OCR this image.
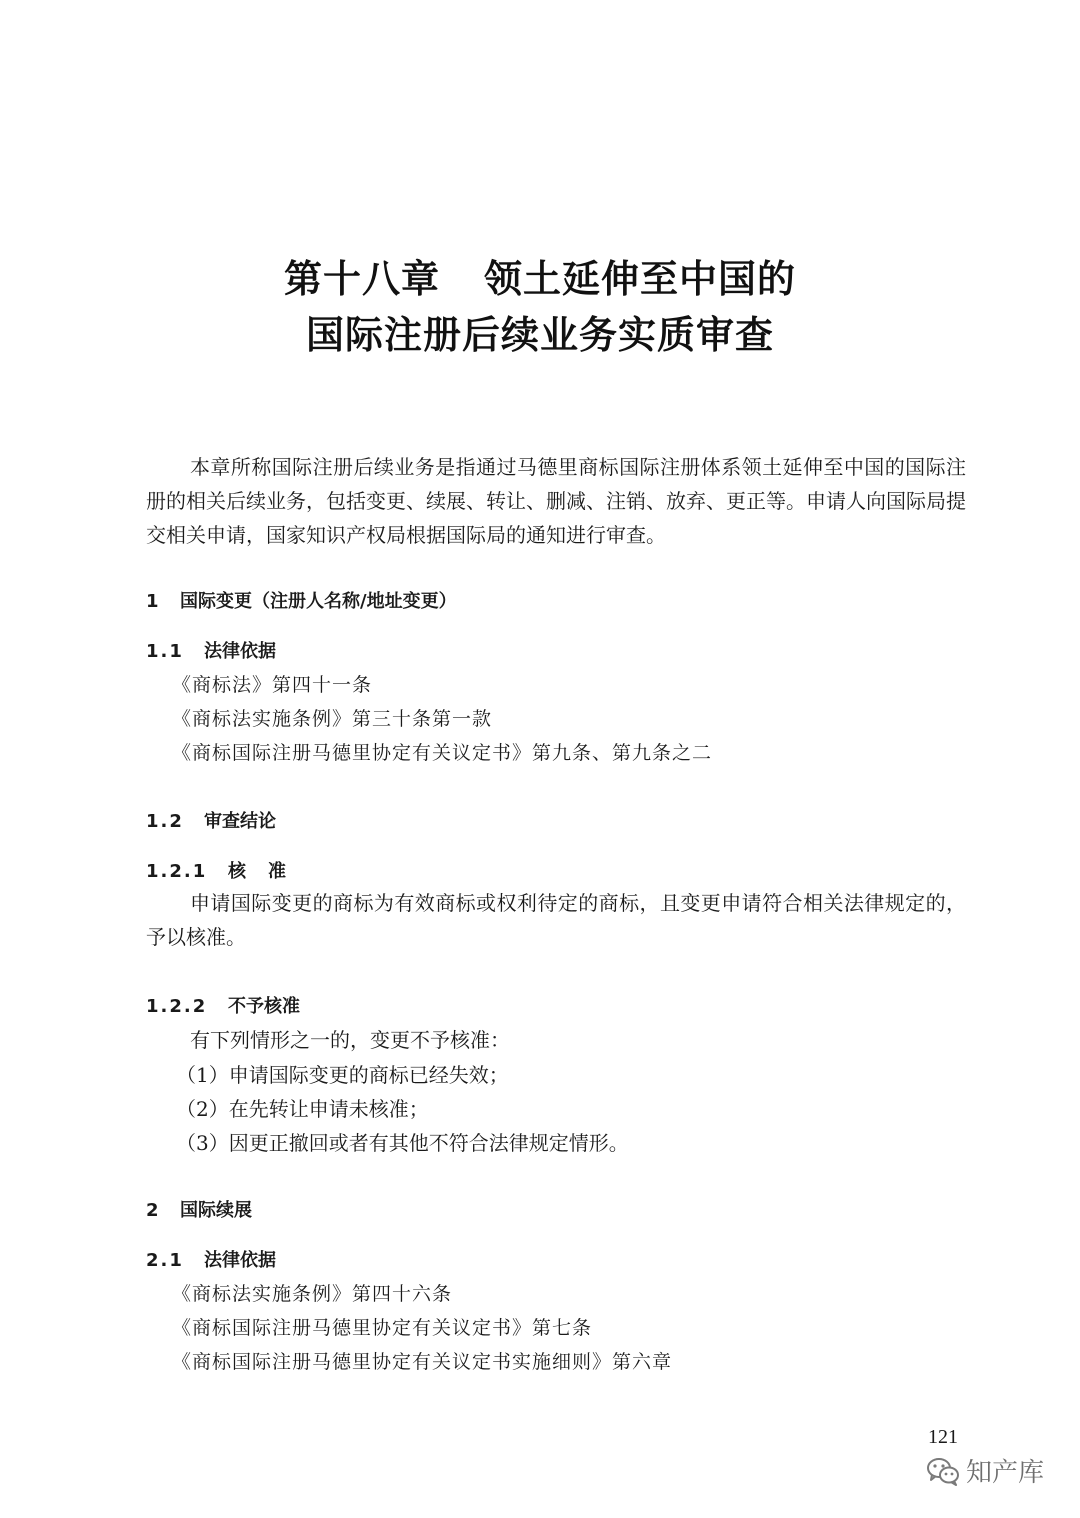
第十八章 领土延伸至中国的
国际注册后续业务实质审查

本章所称国际注册后续业务是指通过马德里商标国际注册体系领土延伸至中国的国际注册的相关后续业务，包括变更、续展、转让、删减、注销、放弃、更正等。申请人向国际局提交相关申请，国家知识产权局根据国际局的通知进行审查。

1 国际变更（注册人名称/地址变更）
1.1 法律依据
《商标法》第四十一条
《商标法实施条例》第三十条第一款
《商标国际注册马德里协定有关议定书》第九条、第九条之二
1.2 审查结论
1.2.1 核准

申请国际变更的商标为有效商标或权利待定的商标，且变更申请符合相关法律规定的，予以核准。

1.2.2 不予核准
有下列情形之一的，变更不予核准：
（1）申请国际变更的商标已经失效；
（2）在先转让申请未核准；
（3）因更正撤回或者有其他不符合法律规定情形。
2 国际续展
2.1 法律依据
《商标法实施条例》第四十六条
《商标国际注册马德里协定有关议定书》第七条
《商标国际注册马德里协定有关议定书实施细则》第六章
121
知产库
